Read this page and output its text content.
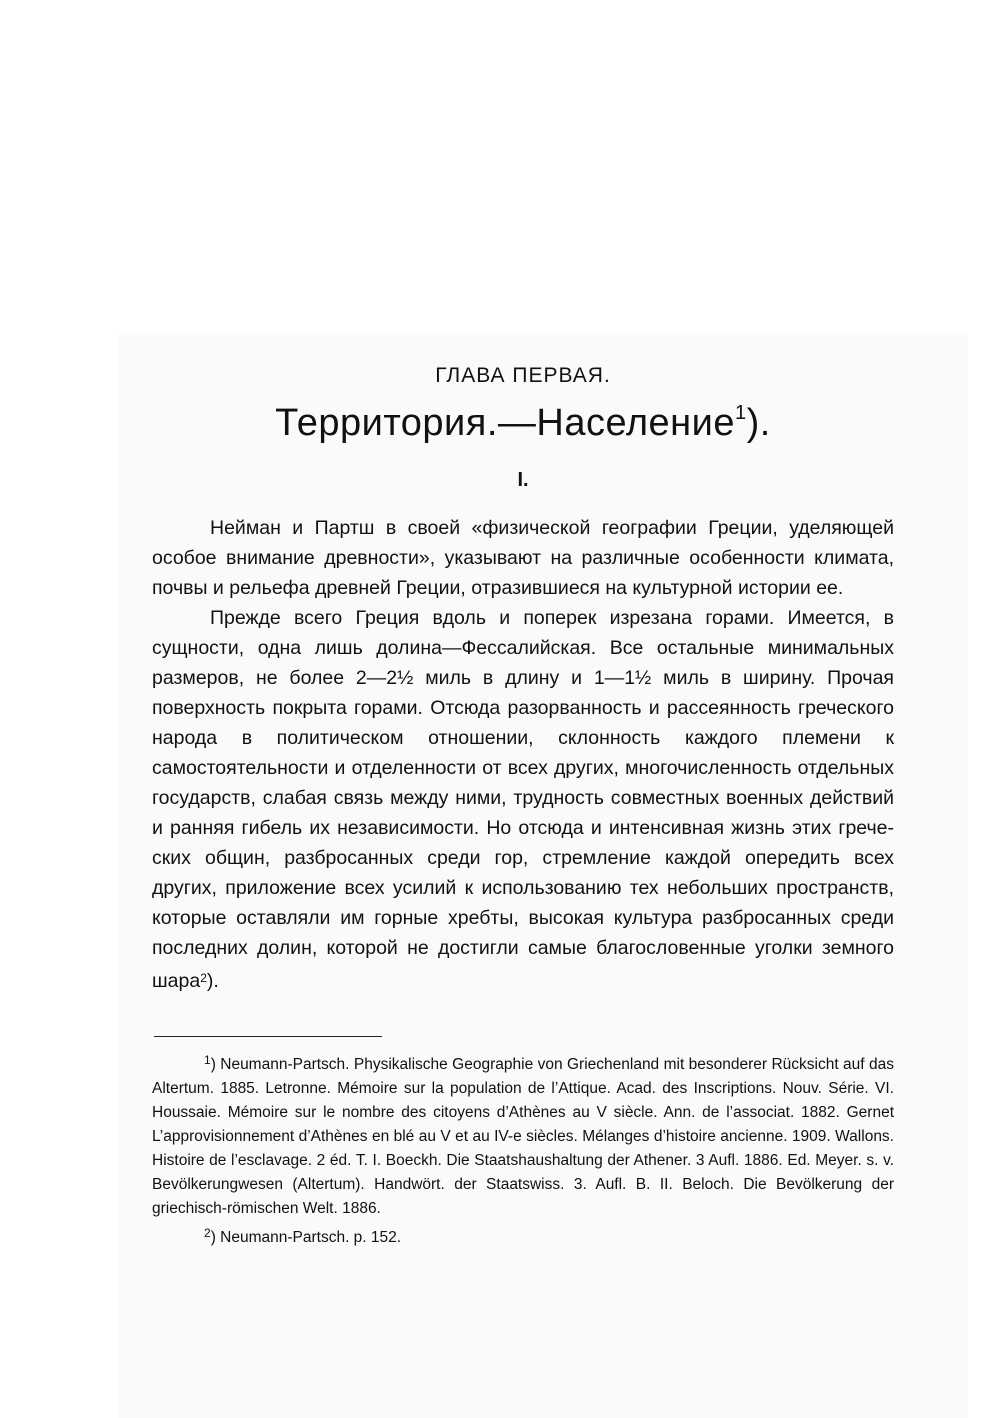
ГЛАВА ПЕРВАЯ.
Территория.—Население$^1$).
I.

Нейман и Партш в своей «физической географии Греции, уделяющей особое внимание древности», указывают на различные особенности климата, почвы и рельефа древней Греции, отразившиеся на культурной истории ее.

Прежде всего Греция вдоль и поперек изрезана горами. Имеется, в сущности, одна лишь долина—Фессалийская. Все остальные минимальных размеров, не более 2—2½ миль в длину и 1—1½ миль в ширину. Прочая поверхность покрыта горами. Отсюда разорванность и рассеянность греческого народа в политическом отношении, склонность каждого племени к самостоятельности и отделенности от всех других, многочисленность отдельных государств, слабая связь между ними, трудность совместных военных действий и ранняя гибель их независимости. Но отсюда и интенсивная жизнь этих греческих общин, разбросанных среди гор, стремление каждой опередить всех других, приложение всех усилий к использованию тех небольших пространств, которые оставляли им горные хребты, высокая культура разбросанных среди последних долин, которой не достигли самые благословенные уголки земного шара$^2$).

$^1$) Neumann-Partsch. Physikalische Geographie von Griechenland mit besonderer Rücksicht auf das Altertum. 1885. Letronne. Mémoire sur la population de l’Attique. Acad. des Inscriptions. Nouv. Série. VI. Houssaie. Mémoire sur le nombre des citoyens d’Athènes au V siècle. Ann. de l’associat. 1882. Gernet L’approvisionnement d’Athènes en blé au V et au IV-e siècles. Mélanges d’histoire ancienne. 1909. Wallons. Histoire de l’esclavage. 2 éd. T. I. Boeckh. Die Staatshaushaltung der Athener. 3 Aufl. 1886. Ed. Meyer. s. v. Bevölkerungwesen (Altertum). Handwört. der Staatswiss. 3. Aufl. B. II. Beloch. Die Bevölkerung der griechisch-römischen Welt. 1886.

$^2$) Neumann-Partsch. p. 152.
